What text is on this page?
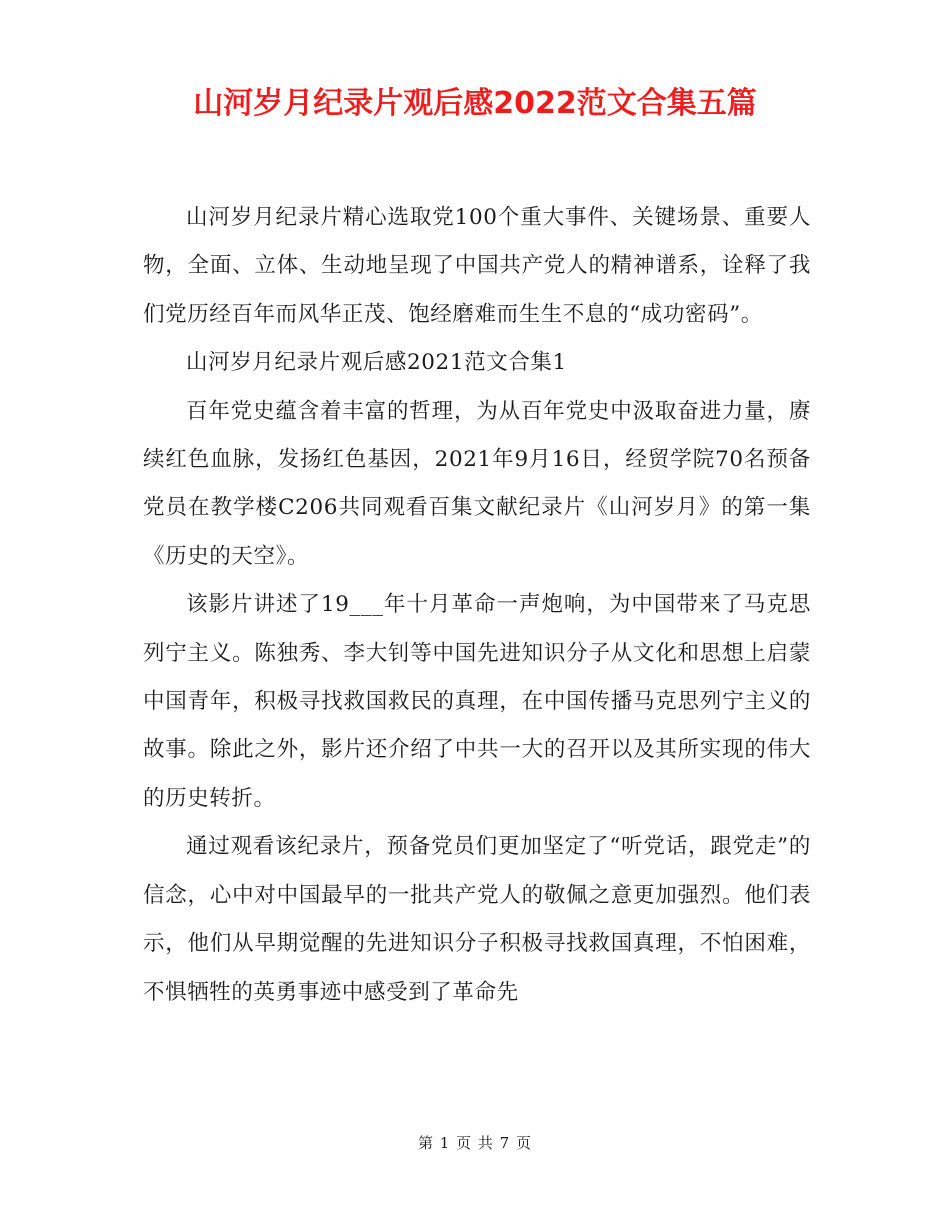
山河岁月纪录片观后感2022范文合集五篇

山河岁月纪录片精心选取党100个重大事件、关键场景、重要人物，全面、立体、生动地呈现了中国共产党人的精神谱系，诠释了我们党历经百年而风华正茂、饱经磨难而生生不息的“成功密码”。

山河岁月纪录片观后感2021范文合集1

百年党史蕴含着丰富的哲理，为从百年党史中汲取奋进力量，赓续红色血脉，发扬红色基因，2021年9月16日，经贸学院70名预备党员在教学楼C206共同观看百集文献纪录片《山河岁月》的第一集《历史的天空》。

该影片讲述了19___年十月革命一声炮响，为中国带来了马克思列宁主义。陈独秀、李大钊等中国先进知识分子从文化和思想上启蒙中国青年，积极寻找救国救民的真理，在中国传播马克思列宁主义的故事。除此之外，影片还介绍了中共一大的召开以及其所实现的伟大的历史转折。

通过观看该纪录片，预备党员们更加坚定了“听党话，跟党走”的信念，心中对中国最早的一批共产党人的敬佩之意更加强烈。他们表示，他们从早期觉醒的先进知识分子积极寻找救国真理，不怕困难，不惧牺牲的英勇事迹中感受到了革命先

第 1 页 共 7 页
